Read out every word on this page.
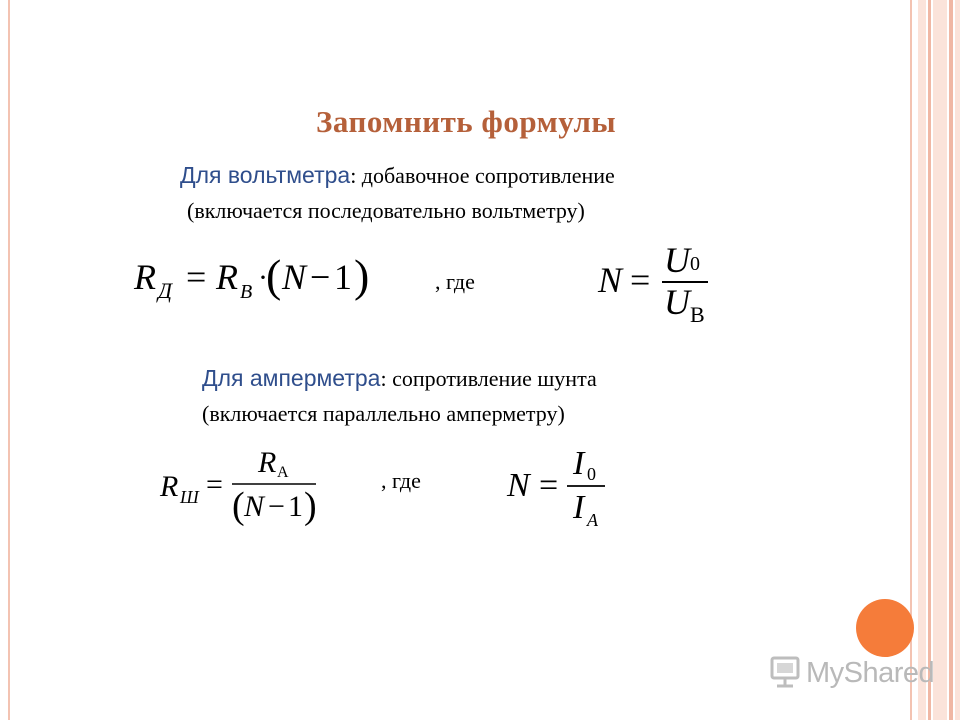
Запомнить формулы
Для вольтметра: добавочное сопротивление
(включается последовательно вольтметру)
R Д = R В ·
( N − 1 )	, где	N = U 0
U В
Для амперметра: сопротивление шунта
(включается параллельно амперметру)
R Ш =
R А
( N − 1 )
, где	N =
I 0
I A
MyShared
